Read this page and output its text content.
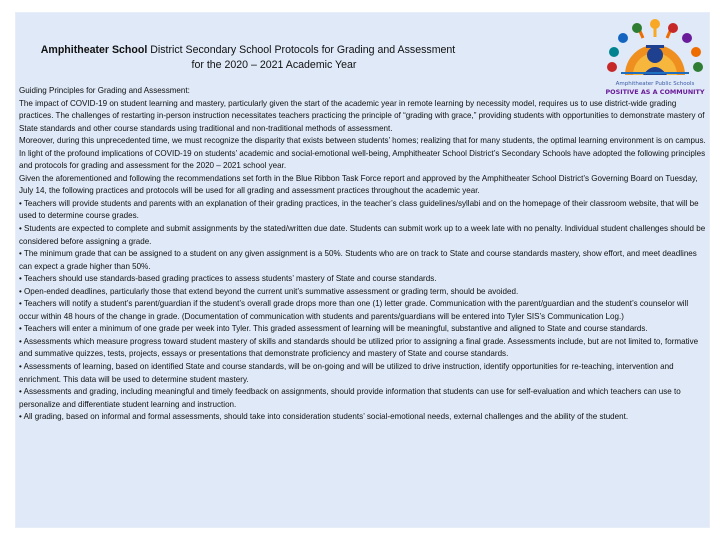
Amphitheater School District Secondary School Protocols for Grading and Assessment
for the 2020 – 2021 Academic Year
Amphitheater Public Schools
POSITIVE AS A COMMUNITY

Guiding Principles for Grading and Assessment:

The impact of COVID-19 on student learning and mastery, particularly given the start of the academic year in remote learning by necessity model, requires us to use district-wide grading practices. The challenges of restarting in-person instruction necessitates teachers practicing the principle of “grading with grace,” providing students with opportunities to demonstrate mastery of State standards and other course standards using traditional and non-traditional methods of assessment.

Moreover, during this unprecedented time, we must recognize the disparity that exists between students’ homes; realizing that for many students, the optimal learning environment is on campus.

In light of the profound implications of COVID-19 on students’ academic and social-emotional well-being, Amphitheater School District’s Secondary Schools have adopted the following principles and protocols for grading and assessment for the 2020 – 2021 school year.

Given the aforementioned and following the recommendations set forth in the Blue Ribbon Task Force report and approved by the Amphitheater School District’s Governing Board on Tuesday, July 14, the following practices and protocols will be used for all grading and assessment practices throughout the academic year.

• Teachers will provide students and parents with an explanation of their grading practices, in the teacher’s class guidelines/syllabi and on the homepage of their classroom website, that will be used to determine course grades.

• Students are expected to complete and submit assignments by the stated/written due date. Students can submit work up to a week late with no penalty. Individual student challenges should be considered before assigning a grade.

• The minimum grade that can be assigned to a student on any given assignment is a 50%. Students who are on track to State and course standards mastery, show effort, and meet deadlines can expect a grade higher than 50%.

• Teachers should use standards-based grading practices to assess students’ mastery of State and course standards.

• Open-ended deadlines, particularly those that extend beyond the current unit’s summative assessment or grading term, should be avoided.

• Teachers will notify a student’s parent/guardian if the student’s overall grade drops more than one (1) letter grade. Communication with the parent/guardian and the student’s counselor will occur within 48 hours of the change in grade. (Documentation of communication with students and parents/guardians will be entered into Tyler SIS’s Communication Log.)

• Teachers will enter a minimum of one grade per week into Tyler. This graded assessment of learning will be meaningful, substantive and aligned to State and course standards.

• Assessments which measure progress toward student mastery of skills and standards should be utilized prior to assigning a final grade. Assessments include, but are not limited to, formative and summative quizzes, tests, projects, essays or presentations that demonstrate proficiency and mastery of State and course standards.

• Assessments of learning, based on identified State and course standards, will be on-going and will be utilized to drive instruction, identify opportunities for re-teaching, intervention and enrichment. This data will be used to determine student mastery.

• Assessments and grading, including meaningful and timely feedback on assignments, should provide information that students can use for self-evaluation and which teachers can use to personalize and differentiate student learning and instruction.

• All grading, based on informal and formal assessments, should take into consideration students’ social-emotional needs, external challenges and the ability of the student.
